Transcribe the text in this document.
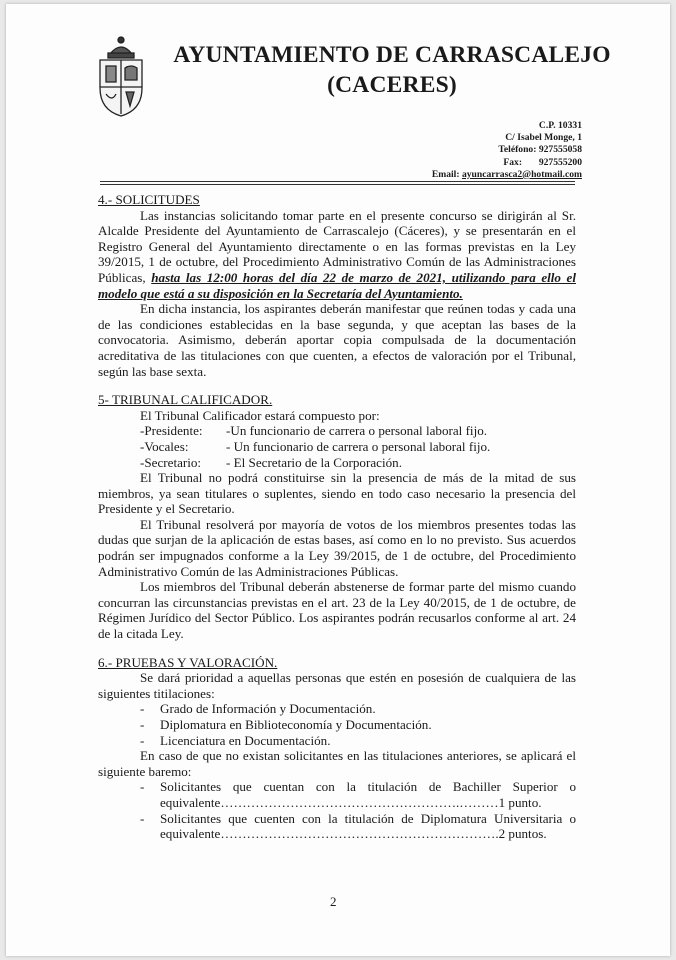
AYUNTAMIENTO DE CARRASCALEJO
(CACERES)
C.P. 10331
C/ Isabel Monge, 1
Teléfono: 927555058
Fax: 927555200
Email: ayuncarrasca2@hotmail.com
4.- SOLICITUDES

Las instancias solicitando tomar parte en el presente concurso se dirigirán al Sr. Alcalde Presidente del Ayuntamiento de Carrascalejo (Cáceres), y se presentarán en el Registro General del Ayuntamiento directamente o en las formas previstas en la Ley 39/2015, 1 de octubre, del Procedimiento Administrativo Común de las Administraciones Públicas, hasta las 12:00 horas del día 22 de marzo de 2021, utilizando para ello el modelo que está a su disposición en la Secretaría del Ayuntamiento.

En dicha instancia, los aspirantes deberán manifestar que reúnen todas y cada una de las condiciones establecidas en la base segunda, y que aceptan las bases de la convocatoria. Asimismo, deberán aportar copia compulsada de la documentación acreditativa de las titulaciones con que cuenten, a efectos de valoración por el Tribunal, según las base sexta.

5- TRIBUNAL CALIFICADOR.

El Tribunal Calificador estará compuesto por:

-Presidente:	-Un funcionario de carrera o personal laboral fijo.
-Vocales:	- Un funcionario de carrera o personal laboral fijo.
-Secretario:	- El Secretario de la Corporación.

El Tribunal no podrá constituirse sin la presencia de más de la mitad de sus miembros, ya sean titulares o suplentes, siendo en todo caso necesario la presencia del Presidente y el Secretario.

El Tribunal resolverá por mayoría de votos de los miembros presentes todas las dudas que surjan de la aplicación de estas bases, así como en lo no previsto. Sus acuerdos podrán ser impugnados conforme a la Ley 39/2015, de 1 de octubre, del Procedimiento Administrativo Común de las Administraciones Públicas.

Los miembros del Tribunal deberán abstenerse de formar parte del mismo cuando concurran las circunstancias previstas en el art. 23 de la Ley 40/2015, de 1 de octubre, de Régimen Jurídico del Sector Público. Los aspirantes podrán recusarlos conforme al art. 24 de la citada Ley.

6.- PRUEBAS Y VALORACIÓN.

Se dará prioridad a aquellas personas que estén en posesión de cualquiera de las siguientes titilaciones:

-	Grado de Información y Documentación.
-	Diplomatura en Biblioteconomía y Documentación.
-	Licenciatura en Documentación.

En caso de que no existan solicitantes en las titulaciones anteriores, se aplicará el siguiente baremo:

-	Solicitantes que cuentan con la titulación de Bachiller Superior o equivalente……………………………………………….………1 punto.
-	Solicitantes que cuenten con la titulación de Diplomatura Universitaria o equivalente……………………………………………………….2 puntos.
2
